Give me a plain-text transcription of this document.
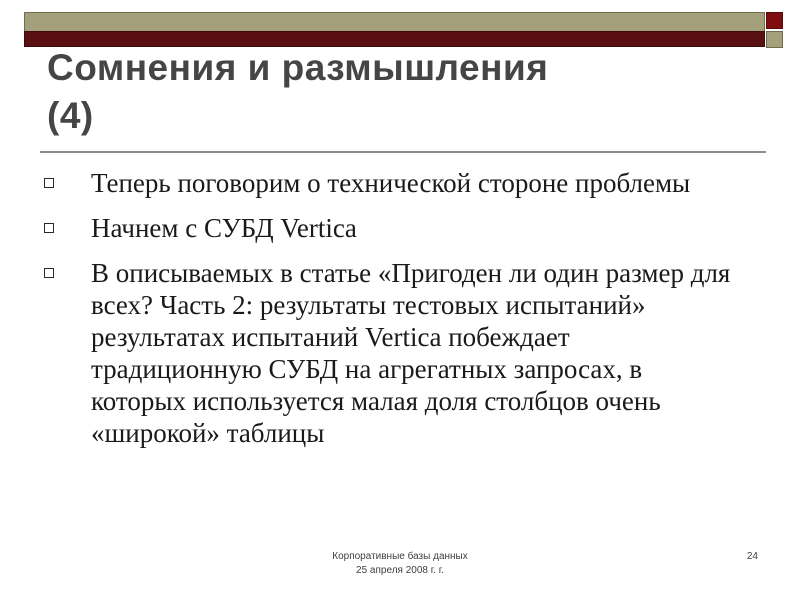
Сомнения и размышления
(4)
Теперь поговорим о технической стороне проблемы
Начнем с СУБД Vertica
В описываемых в статье «Пригоден ли один размер для всех? Часть 2: результаты тестовых испытаний» результатах испытаний Vertica побеждает традиционную СУБД на агрегатных запросах, в которых используется малая доля столбцов очень «широкой» таблицы
Корпоративные базы данных
25 апреля 2008 г. г.
24
